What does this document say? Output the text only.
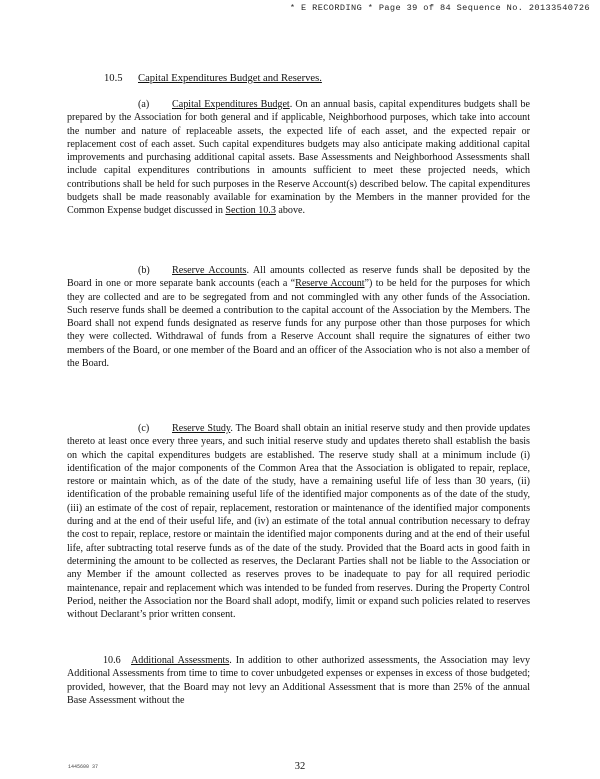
* E RECORDING * Page 39 of 84 Sequence No. 20133540726
10.5 Capital Expenditures Budget and Reserves.

(a) Capital Expenditures Budget. On an annual basis, capital expenditures budgets shall be prepared by the Association for both general and if applicable, Neighborhood purposes, which take into account the number and nature of replaceable assets, the expected life of each asset, and the expected repair or replacement cost of each asset. Such capital expenditures budgets may also anticipate making additional capital improvements and purchasing additional capital assets. Base Assessments and Neighborhood Assessments shall include capital expenditures contributions in amounts sufficient to meet these projected needs, which contributions shall be held for such purposes in the Reserve Account(s) described below. The capital expenditures budgets shall be made reasonably available for examination by the Members in the manner provided for the Common Expense budget discussed in Section 10.3 above.

(b) Reserve Accounts. All amounts collected as reserve funds shall be deposited by the Board in one or more separate bank accounts (each a “Reserve Account”) to be held for the purposes for which they are collected and are to be segregated from and not commingled with any other funds of the Association. Such reserve funds shall be deemed a contribution to the capital account of the Association by the Members. The Board shall not expend funds designated as reserve funds for any purpose other than those purposes for which they were collected. Withdrawal of funds from a Reserve Account shall require the signatures of either two members of the Board, or one member of the Board and an officer of the Association who is not also a member of the Board.

(c) Reserve Study. The Board shall obtain an initial reserve study and then provide updates thereto at least once every three years, and such initial reserve study and updates thereto shall establish the basis on which the capital expenditures budgets are established. The reserve study shall at a minimum include (i) identification of the major components of the Common Area that the Association is obligated to repair, replace, restore or maintain which, as of the date of the study, have a remaining useful life of less than 30 years, (ii) identification of the probable remaining useful life of the identified major components as of the date of the study, (iii) an estimate of the cost of repair, replacement, restoration or maintenance of the identified major components during and at the end of their useful life, and (iv) an estimate of the total annual contribution necessary to defray the cost to repair, replace, restore or maintain the identified major components during and at the end of their useful life, after subtracting total reserve funds as of the date of the study. Provided that the Board acts in good faith in determining the amount to be collected as reserves, the Declarant Parties shall not be liable to the Association or any Member if the amount collected as reserves proves to be inadequate to pay for all required periodic maintenance, repair and replacement which was intended to be funded from reserves. During the Property Control Period, neither the Association nor the Board shall adopt, modify, limit or expand such policies related to reserves without Declarant’s prior written consent.

10.6 Additional Assessments. In addition to other authorized assessments, the Association may levy Additional Assessments from time to time to cover unbudgeted expenses or expenses in excess of those budgeted; provided, however, that the Board may not levy an Additional Assessment that is more than 25% of the annual Base Assessment without the

1445600 37	32
